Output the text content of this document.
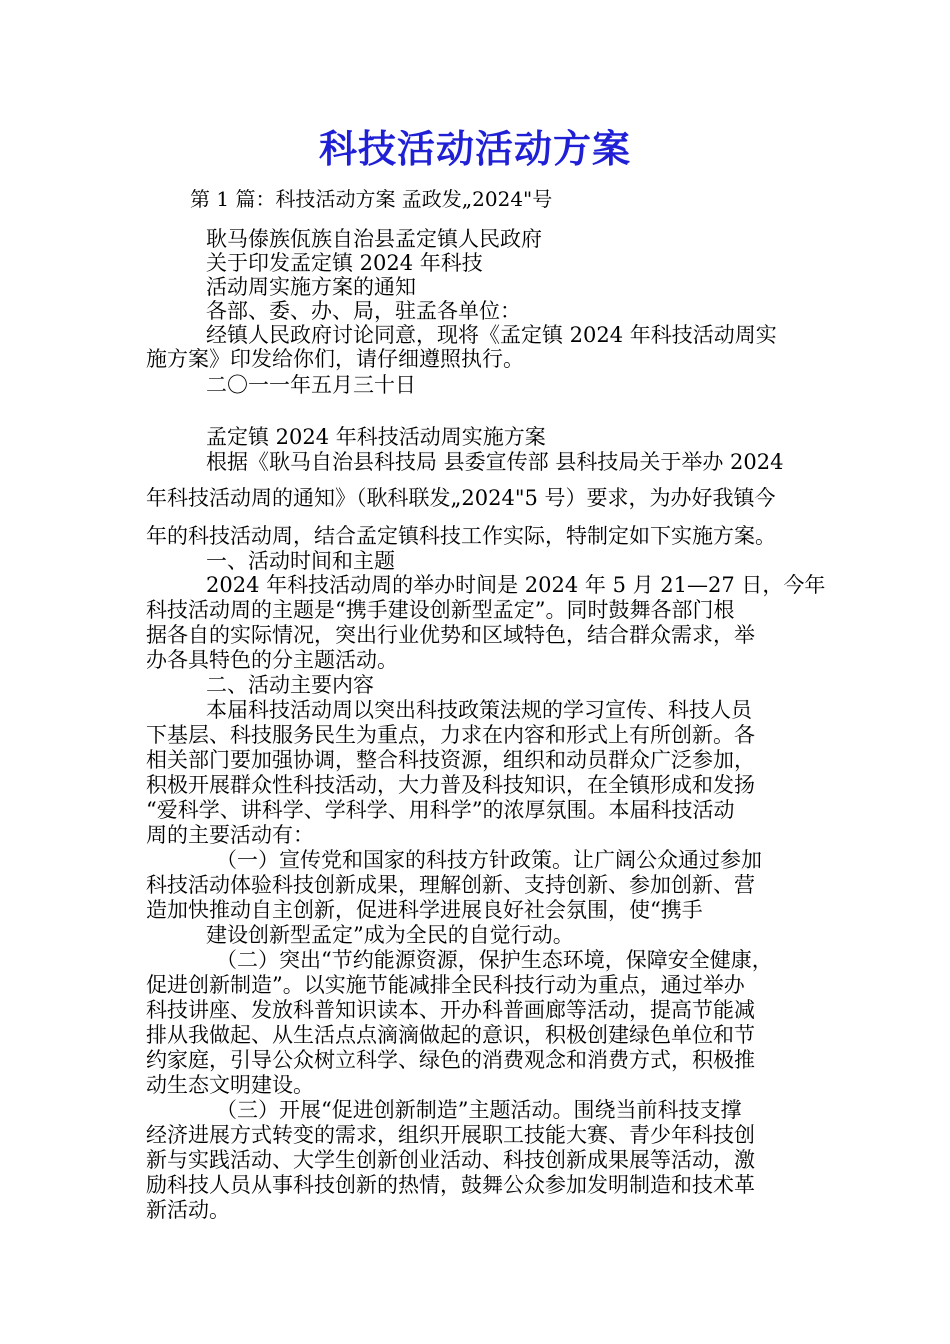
科技活动活动方案
第 1 篇：科技活动方案 孟政发„2024"号
耿马傣族佤族自治县孟定镇人民政府
关于印发孟定镇 2024 年科技
活动周实施方案的通知
各部、委、办、局，驻孟各单位：
经镇人民政府讨论同意，现将《孟定镇 2024 年科技活动周实
施方案》印发给你们，请仔细遵照执行。
二〇一一年五月三十日
孟定镇 2024 年科技活动周实施方案
根据《耿马自治县科技局 县委宣传部 县科技局关于举办 2024
年科技活动周的通知》（耿科联发„2024"5 号）要求，为办好我镇今
年的科技活动周，结合孟定镇科技工作实际，特制定如下实施方案。
一、活动时间和主题
2024 年科技活动周的举办时间是 2024 年 5 月 21—27 日，今年
科技活动周的主题是“携手建设创新型孟定”。同时鼓舞各部门根
据各自的实际情况，突出行业优势和区域特色，结合群众需求，举
办各具特色的分主题活动。
二、活动主要内容
本届科技活动周以突出科技政策法规的学习宣传、科技人员
下基层、科技服务民生为重点，力求在内容和形式上有所创新。各
相关部门要加强协调，整合科技资源，组织和动员群众广泛参加，
积极开展群众性科技活动，大力普及科技知识，在全镇形成和发扬
“爱科学、讲科学、学科学、用科学”的浓厚氛围。本届科技活动
周的主要活动有：
（一）宣传党和国家的科技方针政策。让广阔公众通过参加
科技活动体验科技创新成果，理解创新、支持创新、参加创新、营
造加快推动自主创新，促进科学进展良好社会氛围，使“携手
建设创新型孟定”成为全民的自觉行动。
（二）突出“节约能源资源，保护生态环境，保障安全健康，
促进创新制造”。以实施节能减排全民科技行动为重点，通过举办
科技讲座、发放科普知识读本、开办科普画廊等活动，提高节能减
排从我做起、从生活点点滴滴做起的意识，积极创建绿色单位和节
约家庭，引导公众树立科学、绿色的消费观念和消费方式，积极推
动生态文明建设。
（三）开展“促进创新制造”主题活动。围绕当前科技支撑
经济进展方式转变的需求，组织开展职工技能大赛、青少年科技创
新与实践活动、大学生创新创业活动、科技创新成果展等活动，激
励科技人员从事科技创新的热情，鼓舞公众参加发明制造和技术革
新活动。
